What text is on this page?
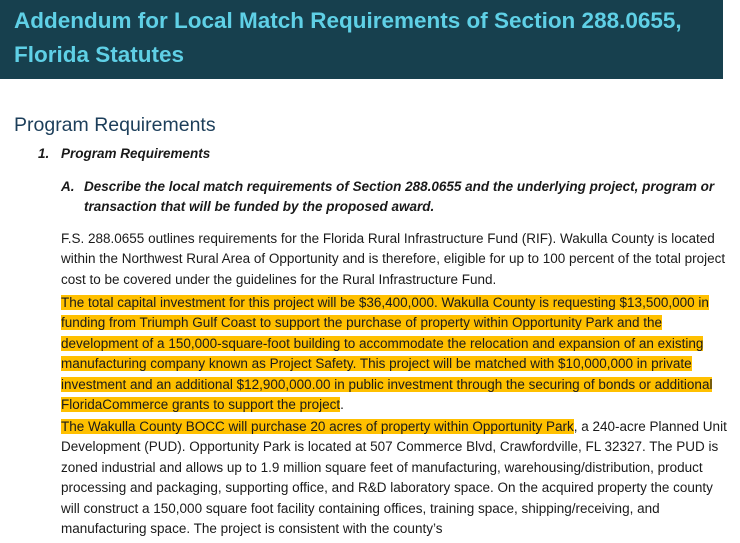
Addendum for Local Match Requirements of Section 288.0655, Florida Statutes
Program Requirements

1. Program Requirements

A. Describe the local match requirements of Section 288.0655 and the underlying project, program or transaction that will be funded by the proposed award.

F.S. 288.0655 outlines requirements for the Florida Rural Infrastructure Fund (RIF). Wakulla County is located within the Northwest Rural Area of Opportunity and is therefore, eligible for up to 100 percent of the total project cost to be covered under the guidelines for the Rural Infrastructure Fund.

The total capital investment for this project will be $36,400,000. Wakulla County is requesting $13,500,000 in funding from Triumph Gulf Coast to support the purchase of property within Opportunity Park and the development of a 150,000-square-foot building to accommodate the relocation and expansion of an existing manufacturing company known as Project Safety. This project will be matched with $10,000,000 in private investment and an additional $12,900,000.00 in public investment through the securing of bonds or additional FloridaCommerce grants to support the project.

The Wakulla County BOCC will purchase 20 acres of property within Opportunity Park, a 240-acre Planned Unit Development (PUD). Opportunity Park is located at 507 Commerce Blvd, Crawfordville, FL 32327. The PUD is zoned industrial and allows up to 1.9 million square feet of manufacturing, warehousing/distribution, product processing and packaging, supporting office, and R&D laboratory space. On the acquired property the county will construct a 150,000 square foot facility containing offices, training space, shipping/receiving, and manufacturing space. The project is consistent with the county’s
